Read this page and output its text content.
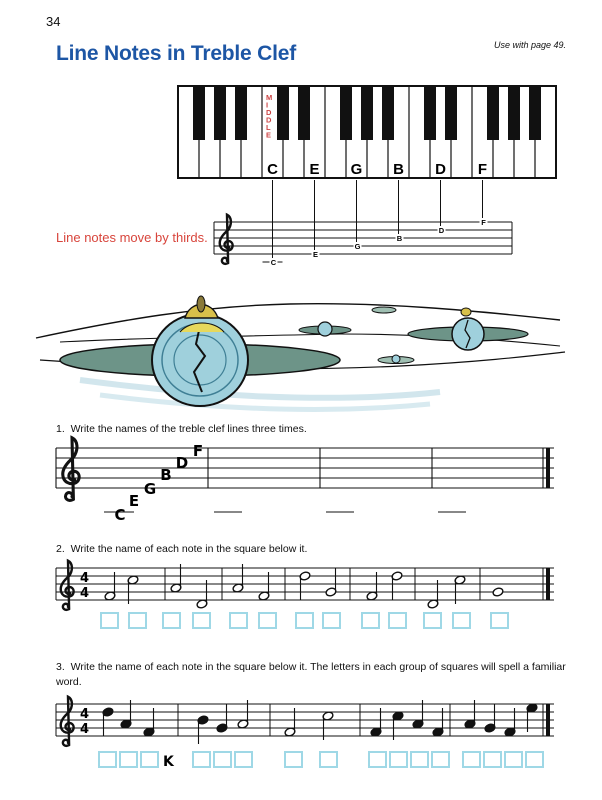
34
Use with page 49.
Line Notes in Treble Clef
Line notes move by thirds.
1. Write the names of the treble clef lines three times.
2. Write the name of each note in the square below it.
3. Write the name of each note in the square below it. The letters in each group of squares will spell a familiar word.
M I D D L E
C E G B D F
C
E
G
B
D
F
C
E
G
B
D
F
4
4
4
4
K
